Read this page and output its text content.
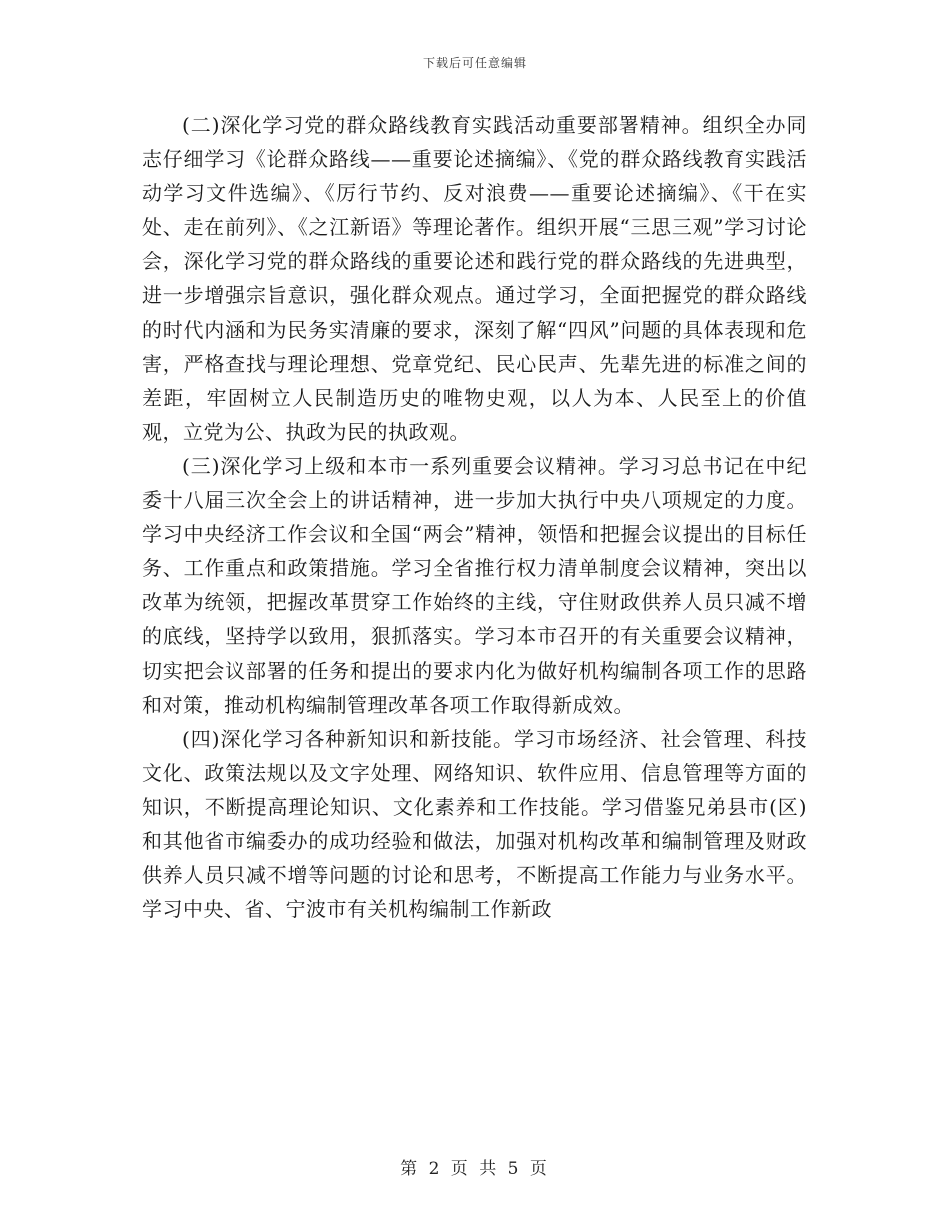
下载后可任意编辑

(二)深化学习党的群众路线教育实践活动重要部署精神。组织全办同志仔细学习《论群众路线——重要论述摘编》、《党的群众路线教育实践活动学习文件选编》、《厉行节约、反对浪费——重要论述摘编》、《干在实处、走在前列》、《之江新语》等理论著作。组织开展“三思三观”学习讨论会，深化学习党的群众路线的重要论述和践行党的群众路线的先进典型，进一步增强宗旨意识，强化群众观点。通过学习，全面把握党的群众路线的时代内涵和为民务实清廉的要求，深刻了解“四风”问题的具体表现和危害，严格查找与理论理想、党章党纪、民心民声、先辈先进的标准之间的差距，牢固树立人民制造历史的唯物史观，以人为本、人民至上的价值观，立党为公、执政为民的执政观。

(三)深化学习上级和本市一系列重要会议精神。学习习总书记在中纪委十八届三次全会上的讲话精神，进一步加大执行中央八项规定的力度。学习中央经济工作会议和全国“两会”精神，领悟和把握会议提出的目标任务、工作重点和政策措施。学习全省推行权力清单制度会议精神，突出以改革为统领，把握改革贯穿工作始终的主线，守住财政供养人员只减不增的底线，坚持学以致用，狠抓落实。学习本市召开的有关重要会议精神，切实把会议部署的任务和提出的要求内化为做好机构编制各项工作的思路和对策，推动机构编制管理改革各项工作取得新成效。

(四)深化学习各种新知识和新技能。学习市场经济、社会管理、科技文化、政策法规以及文字处理、网络知识、软件应用、信息管理等方面的知识，不断提高理论知识、文化素养和工作技能。学习借鉴兄弟县市(区)和其他省市编委办的成功经验和做法，加强对机构改革和编制管理及财政供养人员只减不增等问题的讨论和思考，不断提高工作能力与业务水平。学习中央、省、宁波市有关机构编制工作新政

第 2 页 共 5 页
